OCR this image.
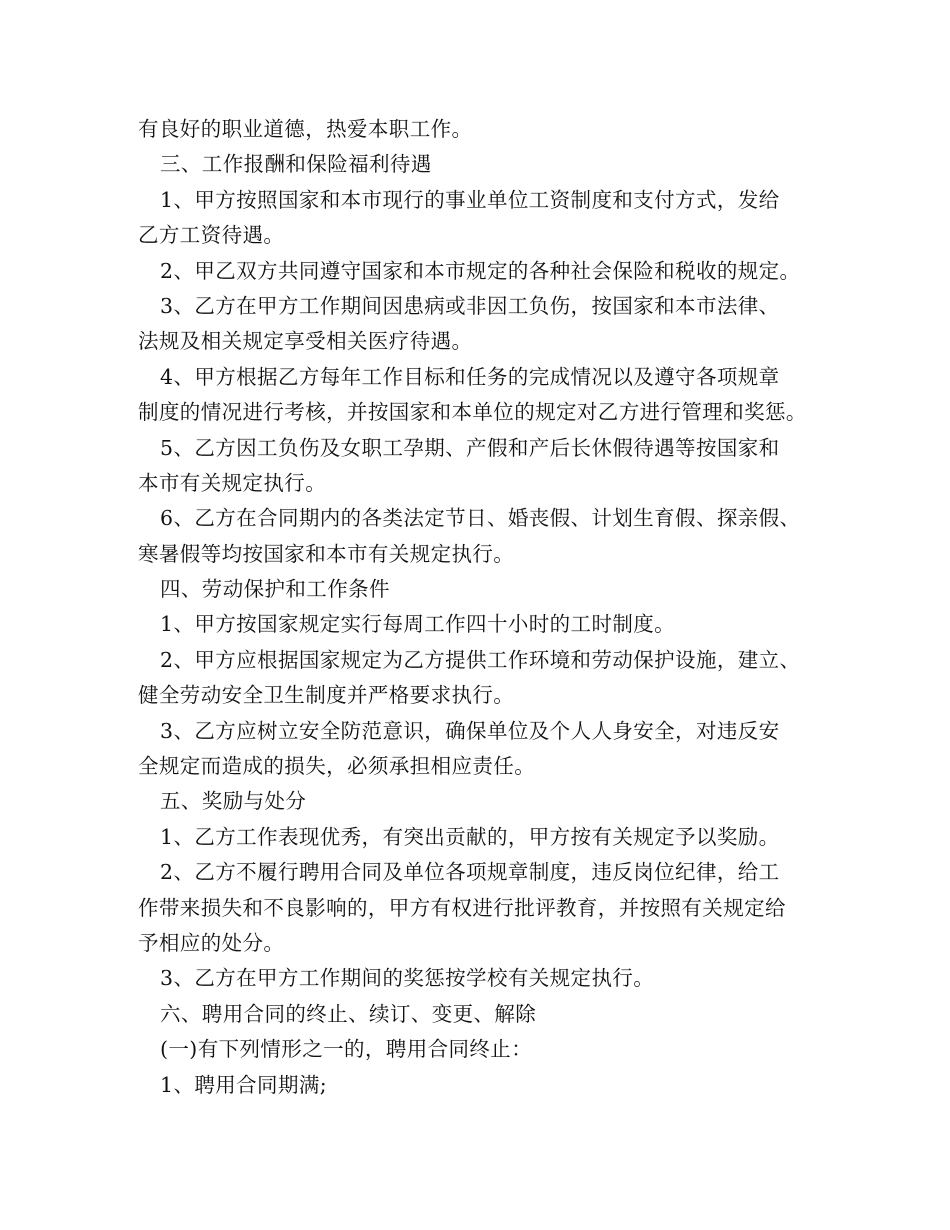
有良好的职业道德，热爱本职工作。
三、工作报酬和保险福利待遇
1、甲方按照国家和本市现行的事业单位工资制度和支付方式，发给
乙方工资待遇。
2、甲乙双方共同遵守国家和本市规定的各种社会保险和税收的规定。
3、乙方在甲方工作期间因患病或非因工负伤，按国家和本市法律、
法规及相关规定享受相关医疗待遇。
4、甲方根据乙方每年工作目标和任务的完成情况以及遵守各项规章
制度的情况进行考核，并按国家和本单位的规定对乙方进行管理和奖惩。
5、乙方因工负伤及女职工孕期、产假和产后长休假待遇等按国家和
本市有关规定执行。
6、乙方在合同期内的各类法定节日、婚丧假、计划生育假、探亲假、
寒暑假等均按国家和本市有关规定执行。
四、劳动保护和工作条件
1、甲方按国家规定实行每周工作四十小时的工时制度。
2、甲方应根据国家规定为乙方提供工作环境和劳动保护设施，建立、
健全劳动安全卫生制度并严格要求执行。
3、乙方应树立安全防范意识，确保单位及个人人身安全，对违反安
全规定而造成的损失，必须承担相应责任。
五、奖励与处分
1、乙方工作表现优秀，有突出贡献的，甲方按有关规定予以奖励。
2、乙方不履行聘用合同及单位各项规章制度，违反岗位纪律，给工
作带来损失和不良影响的，甲方有权进行批评教育，并按照有关规定给
予相应的处分。
3、乙方在甲方工作期间的奖惩按学校有关规定执行。
六、聘用合同的终止、续订、变更、解除
(一)有下列情形之一的，聘用合同终止：
1、聘用合同期满;
